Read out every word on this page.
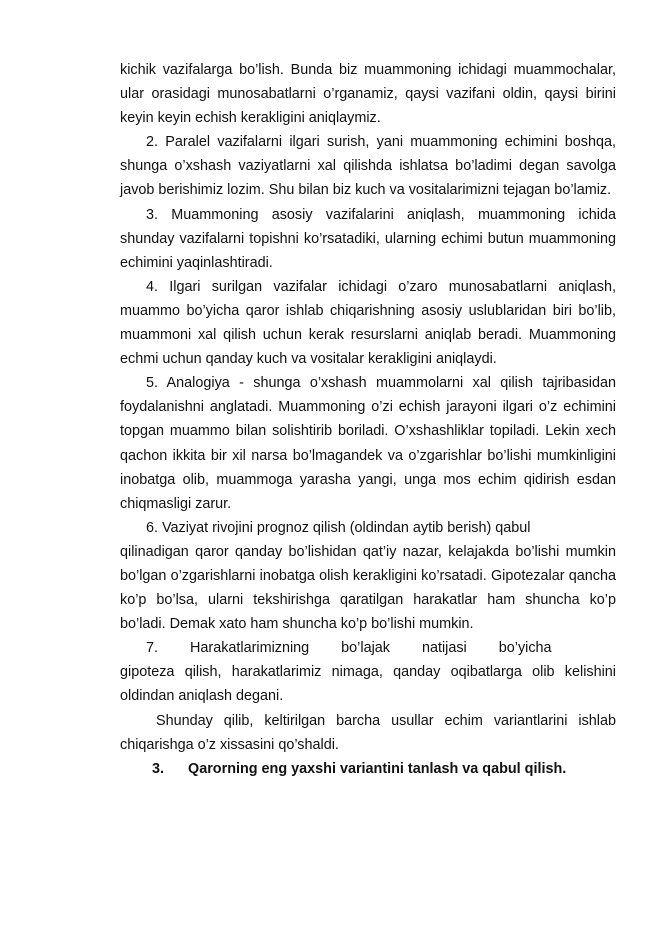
kichik vazifalarga bo’lish. Bunda biz muammoning ichidagi muammochalar, ular orasidagi munosabatlarni o’rganamiz, qaysi vazifani oldin, qaysi birini keyin keyin echish kerakligini aniqlaymiz.

2. Paralel vazifalarni ilgari surish, yani muammoning echimini boshqa, shunga o’xshash vaziyatlarni xal qilishda ishlatsa bo’ladimi degan savolga javob berishimiz lozim. Shu bilan biz kuch va vositalarimizni tejagan bo’lamiz.

3. Muammoning asosiy vazifalarini aniqlash, muammoning ichida shunday vazifalarni topishni ko’rsatadiki, ularning echimi butun muammoning echimini yaqinlashtiradi.

4. Ilgari surilgan vazifalar ichidagi o’zaro munosabatlarni aniqlash, muammo bo’yicha qaror ishlab chiqarishning asosiy uslublaridan biri bo’lib, muammoni xal qilish uchun kerak resurslarni aniqlab beradi. Muammoning echmi uchun qanday kuch va vositalar kerakligini aniqlaydi.

5. Analogiya - shunga o’xshash muammolarni xal qilish tajribasidan foydalanishni anglatadi. Muammoning o’zi echish jarayoni ilgari o’z echimini topgan muammo bilan solishtirib boriladi. O’xshashliklar topiladi. Lekin xech qachon ikkita bir xil narsa bo’lmagandek va o’zgarishlar bo’lishi mumkinligini inobatga olib, muammoga yarasha yangi, unga mos echim qidirish esdan chiqmasligi zarur.

6. Vaziyat rivojini prognoz qilish (oldindan aytib berish) qabul

qilinadigan qaror qanday bo’lishidan qat’iy nazar, kelajakda bo’lishi mumkin bo’lgan o’zgarishlarni inobatga olish kerakligini ko’rsatadi. Gipotezalar qancha ko’p bo’lsa, ularni tekshirishga qaratilgan harakatlar ham shuncha ko’p bo’ladi. Demak xato ham shuncha ko’p bo’lishi mumkin.

7. Harakatlarimizning bo’lajak natijasi bo’yicha

gipoteza qilish, harakatlarimiz nimaga, qanday oqibatlarga olib kelishini oldindan aniqlash degani.

Shunday qilib, keltirilgan barcha usullar echim variantlarini ishlab chiqarishga o’z xissasini qo’shaldi.

3. Qarorning eng yaxshi variantini tanlash va qabul qilish.
